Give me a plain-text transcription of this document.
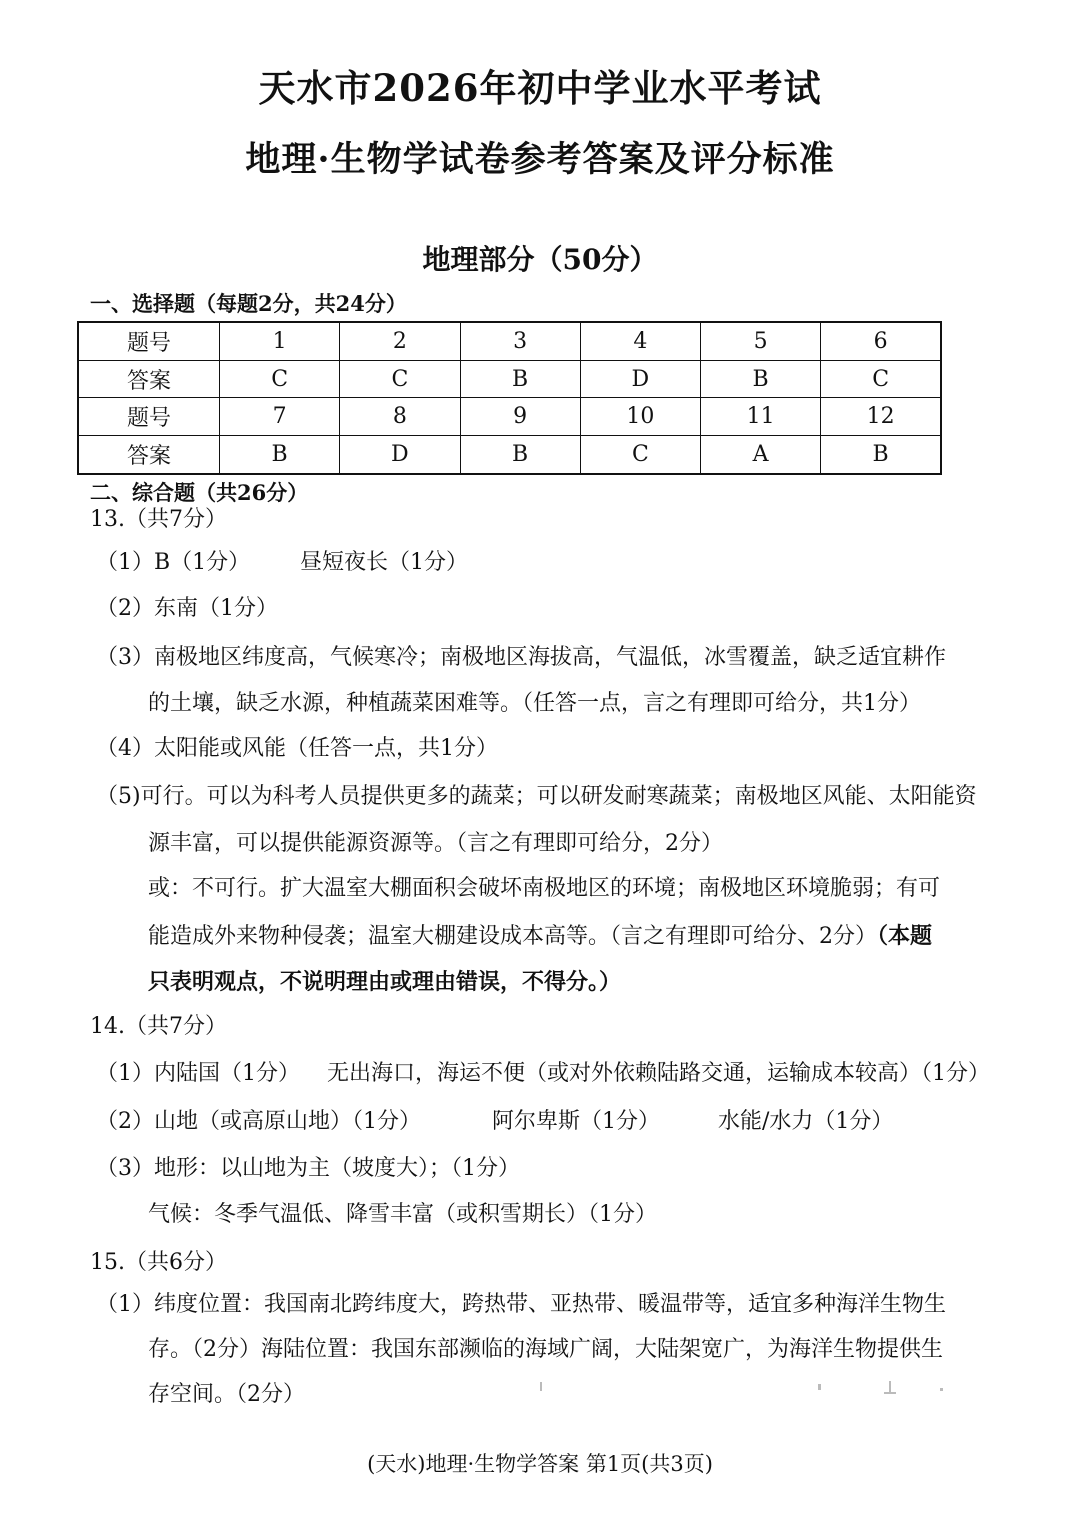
天水市2026年初中学业水平考试
地理·生物学试卷参考答案及评分标准
地理部分（50分）
一、选择题（每题2分，共24分）
题号	1	2	3	4	5	6
答案	C	C	B	D	B	C
题号	7	8	9	10	11	12
答案	B	D	B	C	A	B
二、综合题（共26分）
13.（共7分）
（1）B（1分） 昼短夜长（1分）
（2）东南（1分）
（3）南极地区纬度高，气候寒冷；南极地区海拔高，气温低，冰雪覆盖，缺乏适宜耕作
的土壤，缺乏水源，种植蔬菜困难等。（任答一点，言之有理即可给分，共1分）
（4）太阳能或风能（任答一点，共1分）
（5)可行。可以为科考人员提供更多的蔬菜；可以研发耐寒蔬菜；南极地区风能、太阳能资
源丰富，可以提供能源资源等。（言之有理即可给分，2分）
或：不可行。扩大温室大棚面积会破坏南极地区的环境；南极地区环境脆弱；有可
能造成外来物种侵袭；温室大棚建设成本高等。（言之有理即可给分、2分）（本题
只表明观点，不说明理由或理由错误，不得分。）
14.（共7分）
（1）内陆国（1分） 无出海口，海运不便（或对外依赖陆路交通，运输成本较高）（1分）
（2）山地（或高原山地）（1分）	阿尔卑斯（1分）	水能/水力（1分）
（3）地形：以山地为主（坡度大）；（1分）
气候：冬季气温低、降雪丰富（或积雪期长）（1分）
15.（共6分）
（1）纬度位置：我国南北跨纬度大，跨热带、亚热带、暖温带等，适宜多种海洋生物生
存。（2分）海陆位置：我国东部濒临的海域广阔，大陆架宽广，为海洋生物提供生
存空间。（2分）
(天水)地理·生物学答案 第1页(共3页)
